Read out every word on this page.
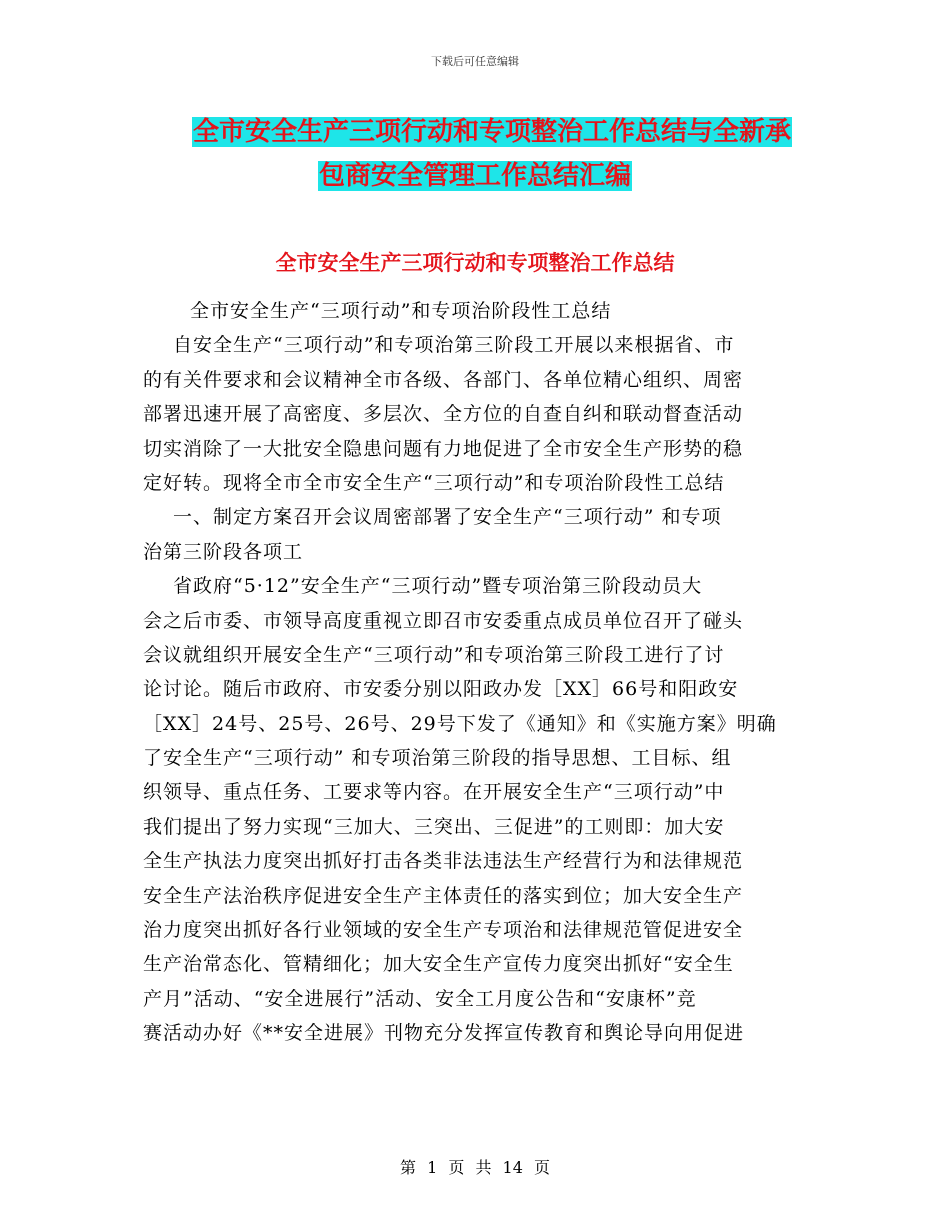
下载后可任意编辑
全市安全生产三项行动和专项整治工作总结与全新承
包商安全管理工作总结汇编
全市安全生产三项行动和专项整治工作总结
全市安全生产“三项行动”和专项治阶段性工总结
自安全生产“三项行动”和专项治第三阶段工开展以来根据省、市
的有关件要求和会议精神全市各级、各部门、各单位精心组织、周密
部署迅速开展了高密度、多层次、全方位的自查自纠和联动督查活动
切实消除了一大批安全隐患问题有力地促进了全市安全生产形势的稳
定好转。现将全市全市安全生产“三项行动”和专项治阶段性工总结
一、制定方案召开会议周密部署了安全生产“三项行动” 和专项
治第三阶段各项工
省政府“5·12”安全生产“三项行动”暨专项治第三阶段动员大
会之后市委、市领导高度重视立即召市安委重点成员单位召开了碰头
会议就组织开展安全生产“三项行动”和专项治第三阶段工进行了讨
论讨论。随后市政府、市安委分别以阳政办发［XX］66号和阳政安
［XX］24号、25号、26号、29号下发了《通知》和《实施方案》明确
了安全生产“三项行动” 和专项治第三阶段的指导思想、工目标、组
织领导、重点任务、工要求等内容。在开展安全生产“三项行动”中
我们提出了努力实现“三加大、三突出、三促进”的工则即：加大安
全生产执法力度突出抓好打击各类非法违法生产经营行为和法律规范
安全生产法治秩序促进安全生产主体责任的落实到位；加大安全生产
治力度突出抓好各行业领域的安全生产专项治和法律规范管促进安全
生产治常态化、管精细化；加大安全生产宣传力度突出抓好“安全生
产月”活动、“安全进展行”活动、安全工月度公告和“安康杯”竞
赛活动办好《**安全进展》刊物充分发挥宣传教育和舆论导向用促进
第 1 页 共 14 页
